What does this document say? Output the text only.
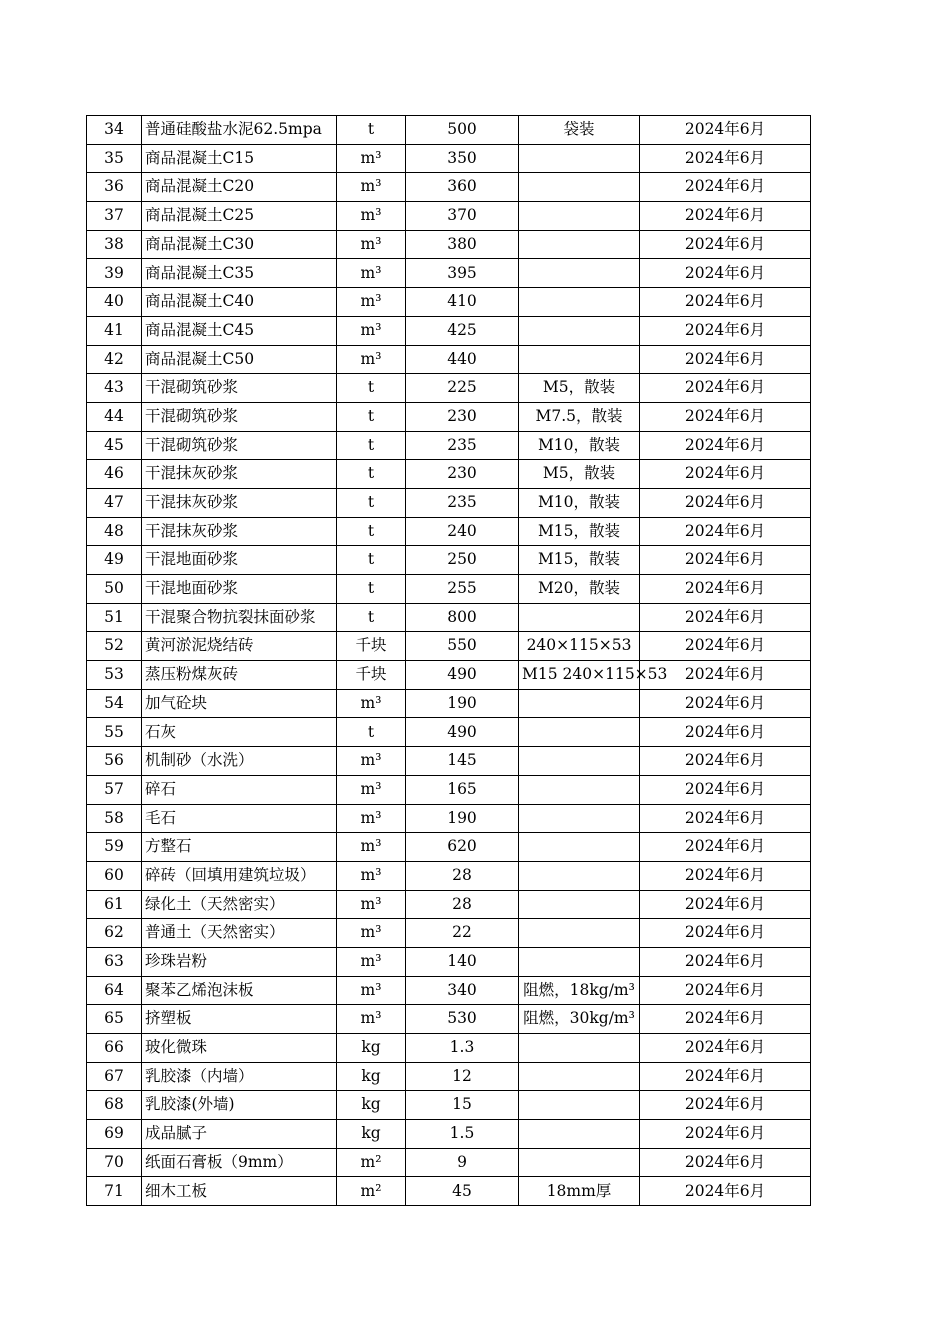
34	普通硅酸盐水泥62.5mpa	t	500	袋装	2024年6月
35	商品混凝土C15	m³	350		2024年6月
36	商品混凝土C20	m³	360		2024年6月
37	商品混凝土C25	m³	370		2024年6月
38	商品混凝土C30	m³	380		2024年6月
39	商品混凝土C35	m³	395		2024年6月
40	商品混凝土C40	m³	410		2024年6月
41	商品混凝土C45	m³	425		2024年6月
42	商品混凝土C50	m³	440		2024年6月
43	干混砌筑砂浆	t	225	M5，散装	2024年6月
44	干混砌筑砂浆	t	230	M7.5，散装	2024年6月
45	干混砌筑砂浆	t	235	M10，散装	2024年6月
46	干混抹灰砂浆	t	230	M5，散装	2024年6月
47	干混抹灰砂浆	t	235	M10，散装	2024年6月
48	干混抹灰砂浆	t	240	M15，散装	2024年6月
49	干混地面砂浆	t	250	M15，散装	2024年6月
50	干混地面砂浆	t	255	M20，散装	2024年6月
51	干混聚合物抗裂抹面砂浆	t	800		2024年6月
52	黄河淤泥烧结砖	千块	550	240×115×53	2024年6月
53	蒸压粉煤灰砖	千块	490	M15 240×115×53	2024年6月
54	加气砼块	m³	190		2024年6月
55	石灰	t	490		2024年6月
56	机制砂（水洗）	m³	145		2024年6月
57	碎石	m³	165		2024年6月
58	毛石	m³	190		2024年6月
59	方整石	m³	620		2024年6月
60	碎砖（回填用建筑垃圾）	m³	28		2024年6月
61	绿化土（天然密实）	m³	28		2024年6月
62	普通土（天然密实）	m³	22		2024年6月
63	珍珠岩粉	m³	140		2024年6月
64	聚苯乙烯泡沫板	m³	340	阻燃，18kg/m³	2024年6月
65	挤塑板	m³	530	阻燃，30kg/m³	2024年6月
66	玻化微珠	kg	1.3		2024年6月
67	乳胶漆（内墙）	kg	12		2024年6月
68	乳胶漆(外墙)	kg	15		2024年6月
69	成品腻子	kg	1.5		2024年6月
70	纸面石膏板（9mm）	m²	9		2024年6月
71	细木工板	m²	45	18mm厚	2024年6月
